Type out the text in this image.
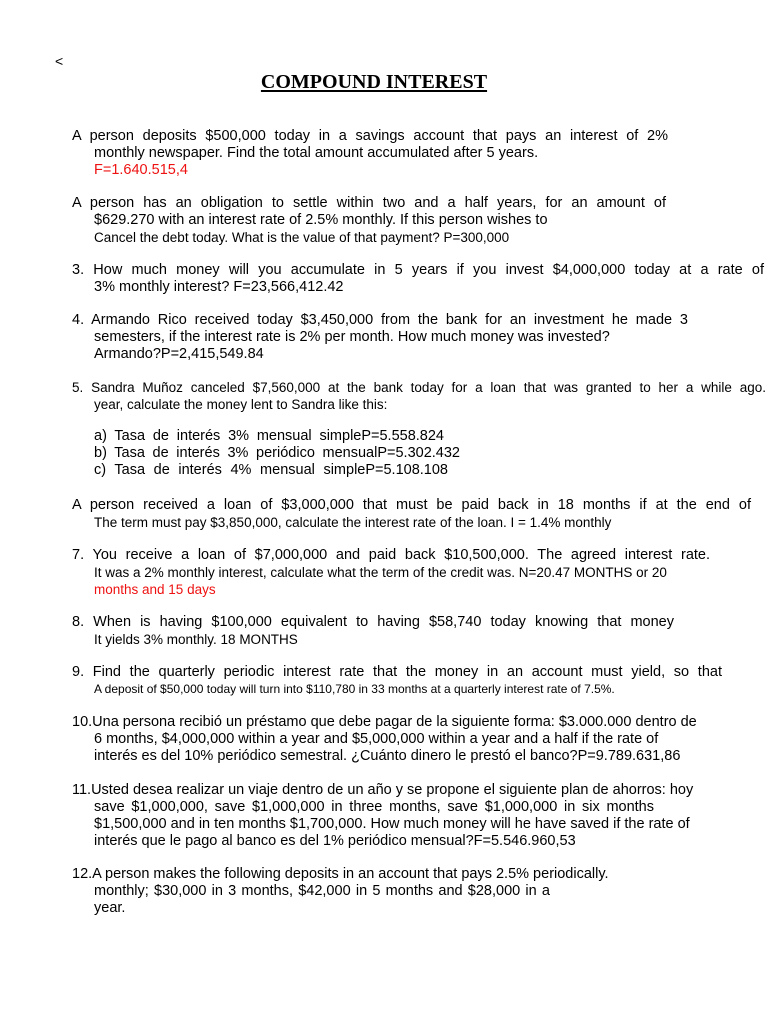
<
COMPOUND INTEREST
A person deposits $500,000 today in a savings account that pays an interest of 2%
monthly newspaper. Find the total amount accumulated after 5 years.
F=1.640.515,4
A person has an obligation to settle within two and a half years, for an amount of
$629.270 with an interest rate of 2.5% monthly. If this person wishes to
Cancel the debt today. What is the value of that payment? P=300,000
3. How much money will you accumulate in 5 years if you invest $4,000,000 today at a rate of
3% monthly interest? F=23,566,412.42
4. Armando Rico received today $3,450,000 from the bank for an investment he made 3
semesters, if the interest rate is 2% per month. How much money was invested?
Armando?P=2,415,549.84
5. Sandra Muñoz canceled $7,560,000 at the bank today for a loan that was granted to her a while ago.
year, calculate the money lent to Sandra like this:
a) Tasa de interés 3% mensual simpleP=5.558.824
b) Tasa de interés 3% periódico mensualP=5.302.432
c) Tasa de interés 4% mensual simpleP=5.108.108
A person received a loan of $3,000,000 that must be paid back in 18 months if at the end of
The term must pay $3,850,000, calculate the interest rate of the loan. I = 1.4% monthly
7. You receive a loan of $7,000,000 and paid back $10,500,000. The agreed interest rate.
It was a 2% monthly interest, calculate what the term of the credit was. N=20.47 MONTHS or 20
months and 15 days
8. When is having $100,000 equivalent to having $58,740 today knowing that money
It yields 3% monthly. 18 MONTHS
9. Find the quarterly periodic interest rate that the money in an account must yield, so that
A deposit of $50,000 today will turn into $110,780 in 33 months at a quarterly interest rate of 7.5%.
10.Una persona recibió un préstamo que debe pagar de la siguiente forma: $3.000.000 dentro de
6 months, $4,000,000 within a year and $5,000,000 within a year and a half if the rate of
interés es del 10% periódico semestral. ¿Cuánto dinero le prestó el banco?P=9.789.631,86
11.Usted desea realizar un viaje dentro de un año y se propone el siguiente plan de ahorros: hoy
save $1,000,000, save $1,000,000 in three months, save $1,000,000 in six months
$1,500,000 and in ten months $1,700,000. How much money will he have saved if the rate of
interés que le pago al banco es del 1% periódico mensual?F=5.546.960,53
12.A person makes the following deposits in an account that pays 2.5% periodically.
monthly; $30,000 in 3 months, $42,000 in 5 months and $28,000 in a
year.
